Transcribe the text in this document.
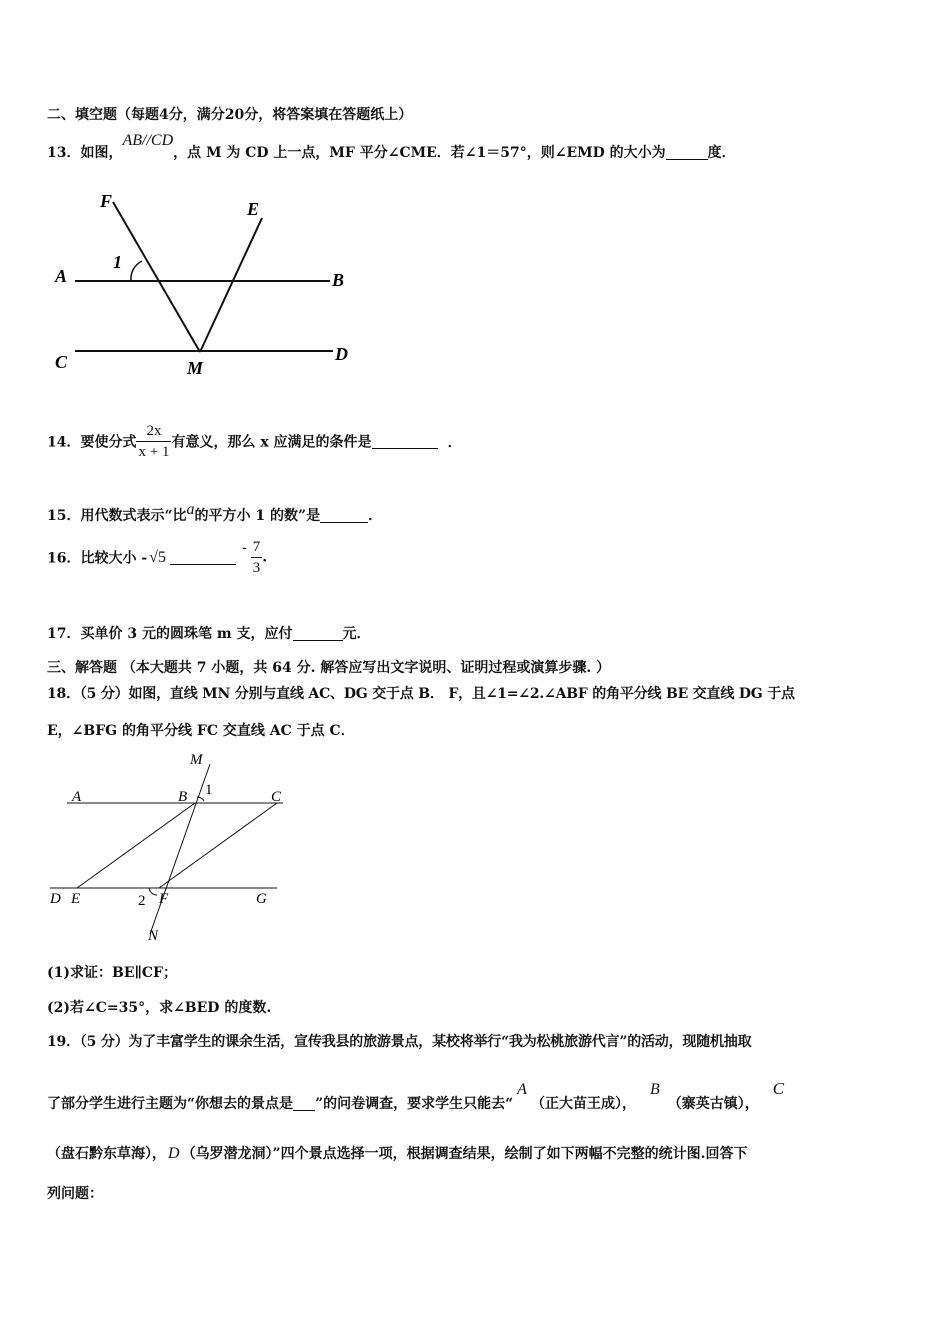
二、填空题（每题4分，满分20分，将答案填在答题纸上）
13．如图，AB//CD，点 M 为 CD 上一点，MF 平分∠CME．若∠1＝57°，则∠EMD 的大小为	度．
F	E
A
1
B
C	M
D
14．要使分式 $\frac{2x}{x + 1}$ 有意义，那么 x 应满足的条件是	．
15．用代数式表示“比a的平方小 1 的数”是	．
16．比较大小 - $√5- \frac{7}{3}$ .
17．买单价 3 元的圆珠笔 m 支，应付	元．
三、解答题 （本大题共 7 小题，共 64 分. 解答应写出文字说明、证明过程或演算步骤. ）
18．（5 分）如图，直线 MN 分别与直线 AC、DG 交于点 B． F，且∠1=∠2.∠ABF 的角平分线 BE 交直线 DG 于点
E，∠BFG 的角平分线 FC 交直线 AC 于点 C．
M
A	B 1	C
D E	2 F	G
N
(1)求证：BE∥CF；
(2)若∠C=35°，求∠BED 的度数.
19．（5 分）为了丰富学生的课余生活，宣传我县的旅游景点，某校将举行“我为松桃旅游代言”的活动，现随机抽取
了部分学生进行主题为“你想去的景点是 ”的问卷调查，要求学生只能去“A（正大苗王成），B（寨英古镇），C
（盘石黔东草海）， D （乌罗潜龙洞）”四个景点选择一项，根据调查结果，绘制了如下两幅不完整的统计图.回答下
列问题：
